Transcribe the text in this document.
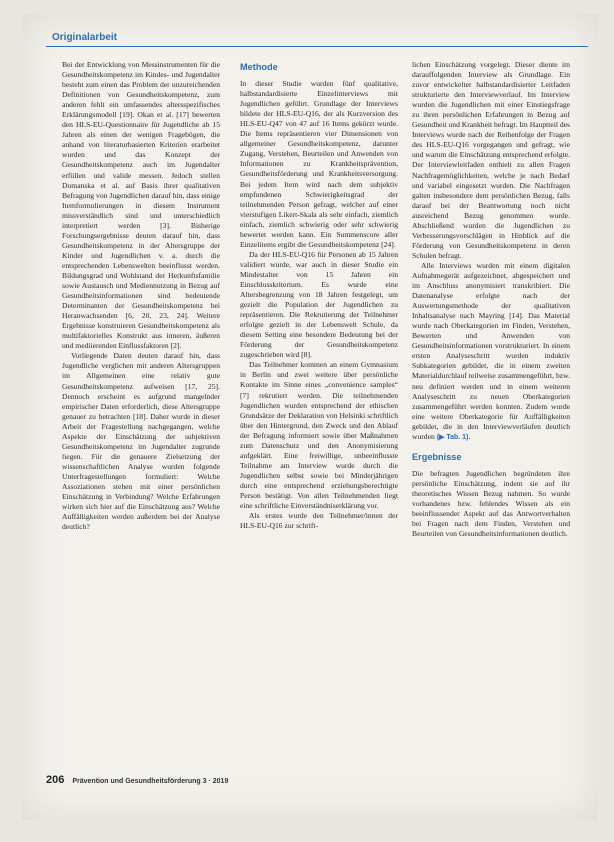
Originalarbeit

Bei der Entwicklung von Messinstrumenten für die Gesundheitskompetenz im Kindes- und Jugendalter besteht zum einen das Problem der unzureichenden Definitionen von Gesundheitskompetenz, zum anderen fehlt ein umfassendes altersspezifisches Erklärungsmodell [19]. Okan et al. [17] bewerten den HLS-EU-Questionnaire für Jugendliche ab 15 Jahren als einen der wenigen Fragebögen, die anhand von literaturbasierten Kriterien erarbeitet wurden und das Konzept der Gesundheitskompetenz auch im Jugendalter erfüllen und valide messen. Jedoch stellen Domanska et al. auf Basis ihrer qualitativen Befragung von Jugendlichen darauf hin, dass einige Itemformulierungen in diesem Instrument missverständlich sind und unterschiedlich interpretiert werden [3]. Bisherige Forschungsergebnisse deuten darauf hin, dass Gesundheitskompetenz in der Altersgruppe der Kinder und Jugendlichen v. a. durch die entsprechenden Lebenswelten beeinflusst werden. Bildungsgrad und Wohlstand der Herkunftsfamilie sowie Austausch und Mediennutzung in Bezug auf Gesundheitsinformationen sind bedeutende Determinanten der Gesundheitskompetenz bei Heranwachsenden [6, 20, 23, 24]. Weitere Ergebnisse konstruieren Gesundheitskompetenz als multifaktorielles Konstrukt aus inneren, äußeren und mediierenden Einflussfaktoren [2].

Vorliegende Daten deuten darauf hin, dass Jugendliche verglichen mit anderen Altersgruppen im Allgemeinen eine relativ gute Gesundheitskompetenz aufweisen [17, 25]. Dennoch erscheint es aufgrund mangelnder empirischer Daten erforderlich, diese Altersgruppe genauer zu betrachten [18]. Daher wurde in dieser Arbeit der Fragestellung nachgegangen, welche Aspekte der Einschätzung der subjektiven Gesundheitskompetenz im Jugendalter zugrunde liegen. Für die genauere Zielsetzung der wissenschaftlichen Analyse wurden folgende Unterfragestellungen formuliert: Welche Assoziationen stehen mit einer persönlichen Einschätzung in Verbindung? Welche Erfahrungen wirken sich hier auf die Einschätzung aus? Welche Auffälligkeiten werden außerdem bei der Analyse deutlich?

Methode

In dieser Studie wurden fünf qualitative, halbstandardisierte Einzelinterviews mit Jugendlichen geführt. Grundlage der Interviews bildete der HLS-EU-Q16, der als Kurzversion des HLS-EU-Q47 von 47 auf 16 Items gekürzt wurde. Die Items repräsentieren vier Dimensionen von allgemeiner Gesundheitskompetenz, darunter Zugang, Verstehen, Beurteilen und Anwenden von Informationen zu Krankheitsprävention, Gesundheitsförderung und Krankheitsversorgung. Bei jedem Item wird nach dem subjektiv empfundenen Schwierigkeitsgrad der teilnehmenden Person gefragt, welcher auf einer vierstufigen Likert-Skala als sehr einfach, ziemlich einfach, ziemlich schwierig oder sehr schwierig bewertet werden kann. Ein Summenscore aller Einzelitems ergibt die Gesundheitskompetenz [24].

Da der HLS-EU-Q16 für Personen ab 15 Jahren validiert wurde, war auch in dieser Studie ein Mindestalter von 15 Jahren ein Einschlusskriterium. Es wurde eine Altersbegrenzung von 18 Jahren festgelegt, um gezielt die Population der Jugendlichen zu repräsentieren. Die Rekrutierung der Teilnehmer erfolgte gezielt in der Lebenswelt Schule, da diesem Setting eine besondere Bedeutung bei der Förderung der Gesundheitskompetenz zugeschrieben wird [8].

Das Teilnehmer kommen an einem Gymnasium in Berlin und zwei weitere über persönliche Kontakte im Sinne eines „convenience samples“ [7] rekrutiert werden. Die teilnehmenden Jugendlichen wurden entsprechend der ethischen Grundsätze der Deklaration von Helsinki schriftlich über den Hintergrund, den Zweck und den Ablauf der Befragung informiert sowie über Maßnahmen zum Datenschutz und den Anonymisierung aufgeklärt. Eine freiwillige, unbeeinflusste Teilnahme am Interview wurde durch die Jugendlichen selbst sowie bei Minderjährigen durch eine entsprechend erziehungsberechtigte Person bestätigt. Von allen Teilnehmenden liegt eine schriftliche Einverständniserklärung vor.

Als erstes wurde den Teilnehmer/innen der HLS-EU-Q16 zur schrift-

lichen Einschätzung vorgelegt. Dieser diente im darauffolgenden Interview als Grundlage. Ein zuvor entwickelter halbstandardisierter Leitfaden strukturierte den Interviewverlauf. Im Interview wurden die Jugendlichen mit einer Einstiegsfrage zu ihren persönlichen Erfahrungen in Bezug auf Gesundheit und Krankheit befragt. Im Hauptteil des Interviews wurde nach der Reihenfolge der Fragen des HLS-EU-Q16 vorgegangen und gefragt, wie und warum die Einschätzung entsprechend erfolgte. Der Interviewleitfaden enthielt zu allen Fragen Nachfragemöglichkeiten, welche je nach Bedarf und variabel eingesetzt wurden. Die Nachfragen galten insbesondere dem persönlichen Bezug, falls darauf bei der Beantwortung noch nicht ausreichend Bezug genommen wurde. Abschließend wurden die Jugendlichen zu Verbesserungsvorschlägen in Hinblick auf die Förderung von Gesundheitskompetenz in deren Schulen befragt.

Alle Interviews wurden mit einem digitalen Aufnahmegerät aufgezeichnet, abgespeichert und im Anschluss anonymisiert transkribiert. Die Datenanalyse erfolgte nach der Auswertungsmethode der qualitativen Inhaltsanalyse nach Mayring [14]. Das Material wurde nach Oberkategorien im Finden, Verstehen, Bewerten und Anwenden von Gesundheitsinformationen vorstrukturiert. In einem ersten Analyseschritt wurden induktiv Subkategorien gebildet, die in einem zweiten Materialdurchlauf teilweise zusammengeführt, bzw. neu definiert werden und in einem weiteren Analyseschritt zu neuen Oberkategorien zusammengeführt werden konnten. Zudem wurde eine weitere Oberkategorie für Auffälligkeiten gebildet, die in den Interviewverläufen deutlich wurden (▶ Tab. 1).

Ergebnisse

Die befragten Jugendlichen begründeten ihre persönliche Einschätzung, indem sie auf ihr theoretisches Wissen Bezug nahmen. So wurde vorhandenes bzw. fehlendes Wissen als ein beeinflussender Aspekt auf das Antwortverhalten bei Fragen nach dem Finden, Verstehen und Beurteilen von Gesundheitsinformationen deutlich.

206 Prävention und Gesundheitsförderung 3 · 2019
